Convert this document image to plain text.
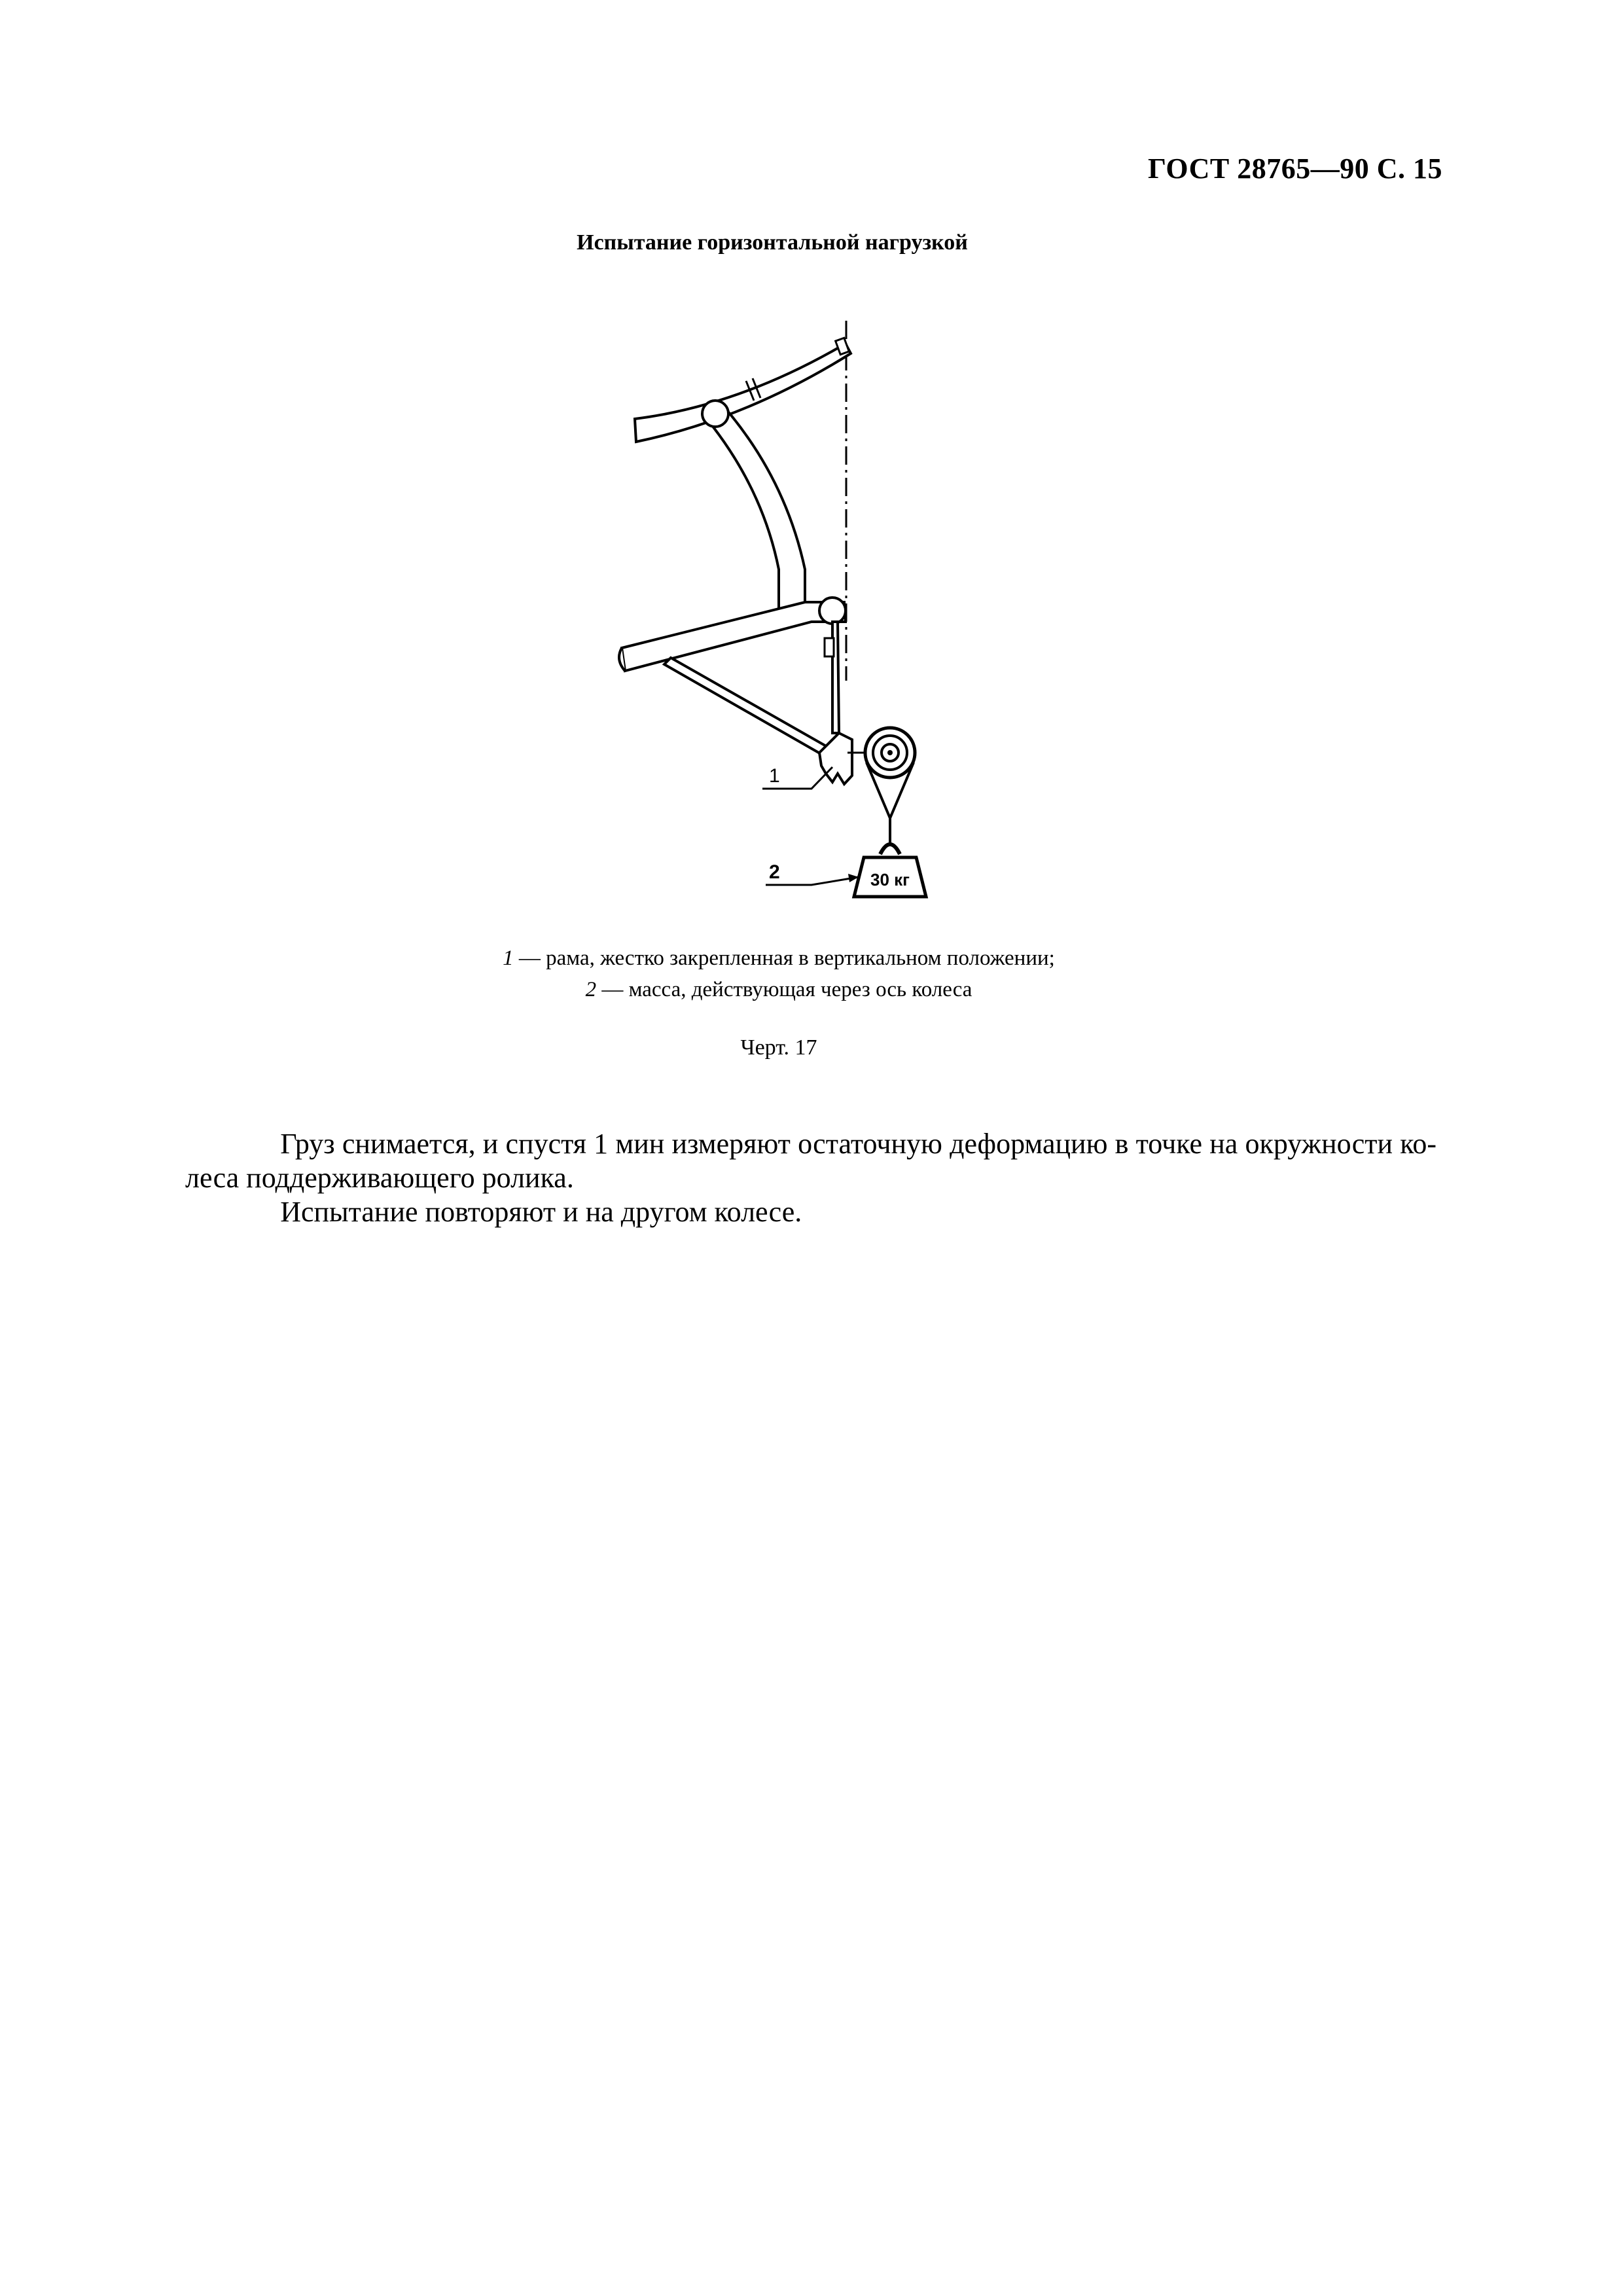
ГОСТ 28765—90 С. 15
Испытание горизонтальной нагрузкой
30 кг
1
2
1 — рама, жестко закрепленная в вертикальном положении;
2 — масса, действующая через ось колеса
Черт. 17
Груз снимается, и спустя 1 мин измеряют остаточную деформацию в точке на окружности ко-
леса поддерживающего ролика.
Испытание повторяют и на другом колесе.
